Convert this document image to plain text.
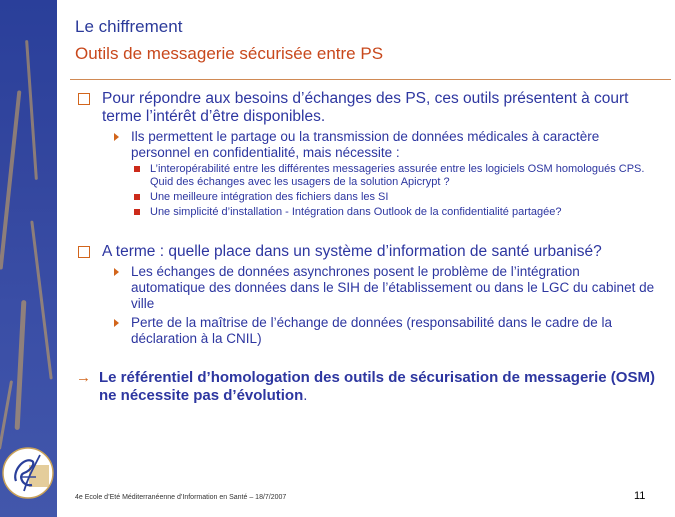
Le chiffrement
Outils de messagerie sécurisée entre PS
Pour répondre aux besoins d’échanges des PS, ces outils présentent à court terme l’intérêt d’être disponibles.
Ils permettent le partage ou la transmission de données médicales à caractère personnel en confidentialité, mais nécessite :
L’interopérabilité entre les différentes messageries assurée entre les logiciels OSM homologués CPS. Quid des échanges avec les usagers de la solution Apicrypt ?
Une meilleure intégration des fichiers dans les SI
Une simplicité d’installation - Intégration dans Outlook de la confidentialité partagée?
A terme : quelle place dans un système d’information de santé urbanisé?
Les échanges de données asynchrones posent le problème de l’intégration automatique des données dans le SIH de l’établissement ou dans le LGC du cabinet de ville
Perte de la maîtrise de l’échange de données (responsabilité dans le cadre de la déclaration à la CNIL)
→ Le référentiel d’homologation des outils de sécurisation de messagerie (OSM) ne nécessite pas d’évolution.
4e Ecole d’Eté Méditerranéenne d’Information en Santé – 18/7/2007	11
